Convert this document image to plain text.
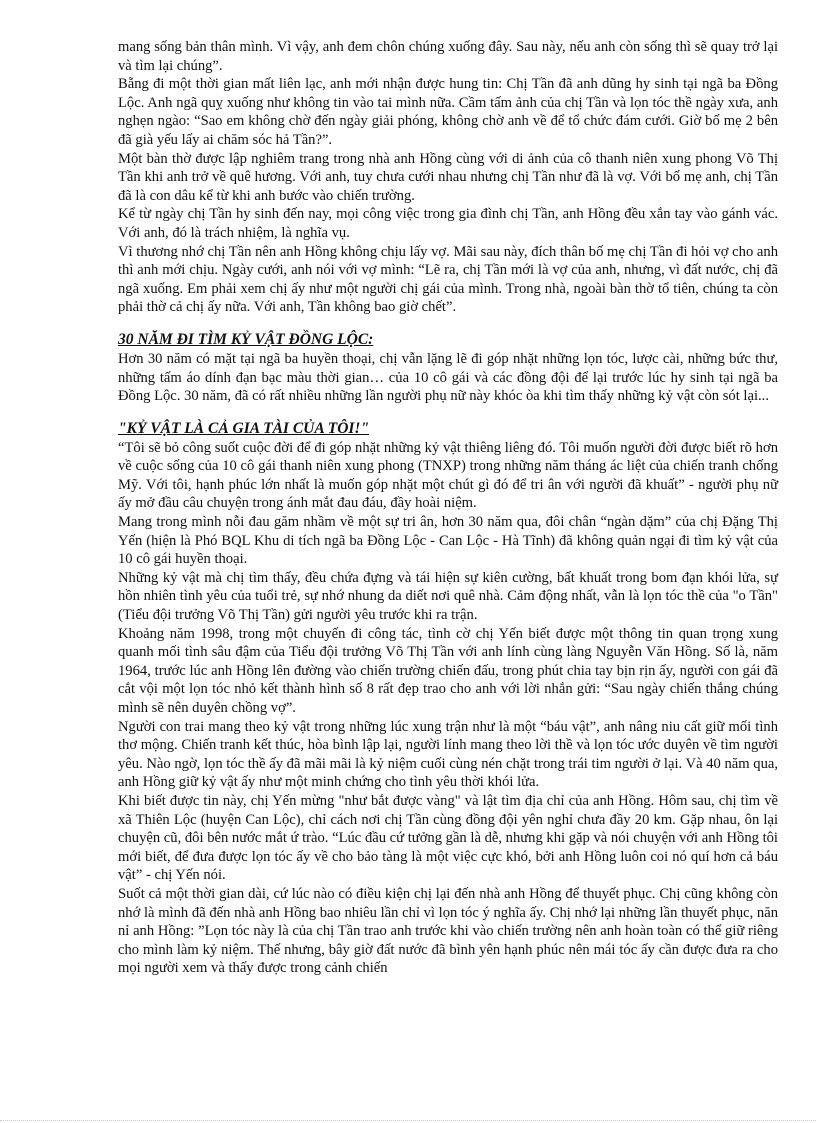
mang sống bản thân mình. Vì vậy, anh đem chôn chúng xuống đây. Sau này, nếu anh còn sống thì sẽ quay trở lại và tìm lại chúng”.

Bẵng đi một thời gian mất liên lạc, anh mới nhận được hung tin: Chị Tần đã anh dũng hy sinh tại ngã ba Đồng Lộc. Anh ngã quỵ xuống như không tin vào tai mình nữa. Cầm tấm ảnh của chị Tần và lọn tóc thề ngày xưa, anh nghẹn ngào: “Sao em không chờ đến ngày giải phóng, không chờ anh về để tổ chức đám cưới. Giờ bố mẹ 2 bên đã già yếu lấy ai chăm sóc hả Tần?”.

Một bàn thờ được lập nghiêm trang trong nhà anh Hồng cùng với di ảnh của cô thanh niên xung phong Võ Thị Tần khi anh trở về quê hương. Với anh, tuy chưa cưới nhau nhưng chị Tần như đã là vợ. Với bố mẹ anh, chị Tần đã là con dâu kể từ khi anh bước vào chiến trường.

Kể từ ngày chị Tần hy sinh đến nay, mọi công việc trong gia đình chị Tần, anh Hồng đều xắn tay vào gánh vác. Với anh, đó là trách nhiệm, là nghĩa vụ.

Vì thương nhớ chị Tần nên anh Hồng không chịu lấy vợ. Mãi sau này, đích thân bố mẹ chị Tần đi hỏi vợ cho anh thì anh mới chịu. Ngày cưới, anh nói với vợ mình: “Lẽ ra, chị Tần mới là vợ của anh, nhưng, vì đất nước, chị đã ngã xuống. Em phải xem chị ấy như một người chị gái của mình. Trong nhà, ngoài bàn thờ tổ tiên, chúng ta còn phải thờ cả chị ấy nữa. Với anh, Tần không bao giờ chết”.

30 NĂM ĐI TÌM KỶ VẬT ĐỒNG LỘC:

Hơn 30 năm có mặt tại ngã ba huyền thoại, chị vẫn lặng lẽ đi góp nhặt những lọn tóc, lược cài, những bức thư, những tấm áo dính đạn bạc màu thời gian… của 10 cô gái và các đồng đội để lại trước lúc hy sinh tại ngã ba Đồng Lộc. 30 năm, đã có rất nhiều những lần người phụ nữ này khóc òa khi tìm thấy những kỷ vật còn sót lại...

"KỶ VẬT LÀ CẢ GIA TÀI CỦA TÔI!"

“Tôi sẽ bỏ công suốt cuộc đời để đi góp nhặt những kỷ vật thiêng liêng đó. Tôi muốn người đời được biết rõ hơn về cuộc sống của 10 cô gái thanh niên xung phong (TNXP) trong những năm tháng ác liệt của chiến tranh chống Mỹ. Với tôi, hạnh phúc lớn nhất là muốn góp nhặt một chút gì đó để tri ân với người đã khuất” - người phụ nữ ấy mở đầu câu chuyện trong ánh mắt đau đáu, đầy hoài niệm.

Mang trong mình nỗi đau găm nhầm về một sự tri ân, hơn 30 năm qua, đôi chân “ngàn dặm” của chị Đặng Thị Yến (hiện là Phó BQL Khu di tích ngã ba Đồng Lộc - Can Lộc - Hà Tĩnh) đã không quản ngại đi tìm kỷ vật của 10 cô gái huyền thoại.

Những kỷ vật mà chị tìm thấy, đều chứa đựng và tái hiện sự kiên cường, bất khuất trong bom đạn khói lửa, sự hồn nhiên tình yêu của tuổi trẻ, sự nhớ nhung da diết nơi quê nhà. Cảm động nhất, vẫn là lọn tóc thề của "o Tần" (Tiểu đội trưởng Võ Thị Tần) gửi người yêu trước khi ra trận.

Khoảng năm 1998, trong một chuyến đi công tác, tình cờ chị Yến biết được một thông tin quan trọng xung quanh mối tình sâu đậm của Tiểu đội trưởng Võ Thị Tần với anh lính cùng làng Nguyễn Văn Hồng. Số là, năm 1964, trước lúc anh Hồng lên đường vào chiến trường chiến đấu, trong phút chia tay bịn rịn ấy, người con gái đã cắt vội một lọn tóc nhỏ kết thành hình số 8 rất đẹp trao cho anh với lời nhắn gửi: “Sau ngày chiến thắng chúng mình sẽ nên duyên chồng vợ”.

Người con trai mang theo kỷ vật trong những lúc xung trận như là một “báu vật”, anh nâng niu cất giữ mối tình thơ mộng. Chiến tranh kết thúc, hòa bình lập lại, người lính mang theo lời thề và lọn tóc ước duyên về tìm người yêu. Nào ngờ, lọn tóc thề ấy đã mãi mãi là kỷ niệm cuối cùng nén chặt trong trái tim người ở lại. Và 40 năm qua, anh Hồng giữ kỷ vật ấy như một minh chứng cho tình yêu thời khói lửa.

Khi biết được tin này, chị Yến mừng "như bắt được vàng" và lật tìm địa chỉ của anh Hồng. Hôm sau, chị tìm về xã Thiên Lộc (huyện Can Lộc), chỉ cách nơi chị Tần cùng đồng đội yên nghỉ chưa đầy 20 km. Gặp nhau, ôn lại chuyện cũ, đôi bên nước mắt ứ trào. “Lúc đầu cứ tưởng gần là dễ, nhưng khi gặp và nói chuyện với anh Hồng tôi mới biết, để đưa được lọn tóc ấy về cho bảo tàng là một việc cực khó, bởi anh Hồng luôn coi nó quí hơn cả báu vật” - chị Yến nói.

Suốt cả một thời gian dài, cứ lúc nào có điều kiện chị lại đến nhà anh Hồng để thuyết phục. Chị cũng không còn nhớ là mình đã đến nhà anh Hồng bao nhiêu lần chỉ vì lọn tóc ý nghĩa ấy. Chị nhớ lại những lần thuyết phục, năn nỉ anh Hồng: ”Lọn tóc này là của chị Tần trao anh trước khi vào chiến trường nên anh hoàn toàn có thể giữ riêng cho mình làm kỷ niệm. Thế nhưng, bây giờ đất nước đã bình yên hạnh phúc nên mái tóc ấy cần được đưa ra cho mọi người xem và thấy được trong cảnh chiến
